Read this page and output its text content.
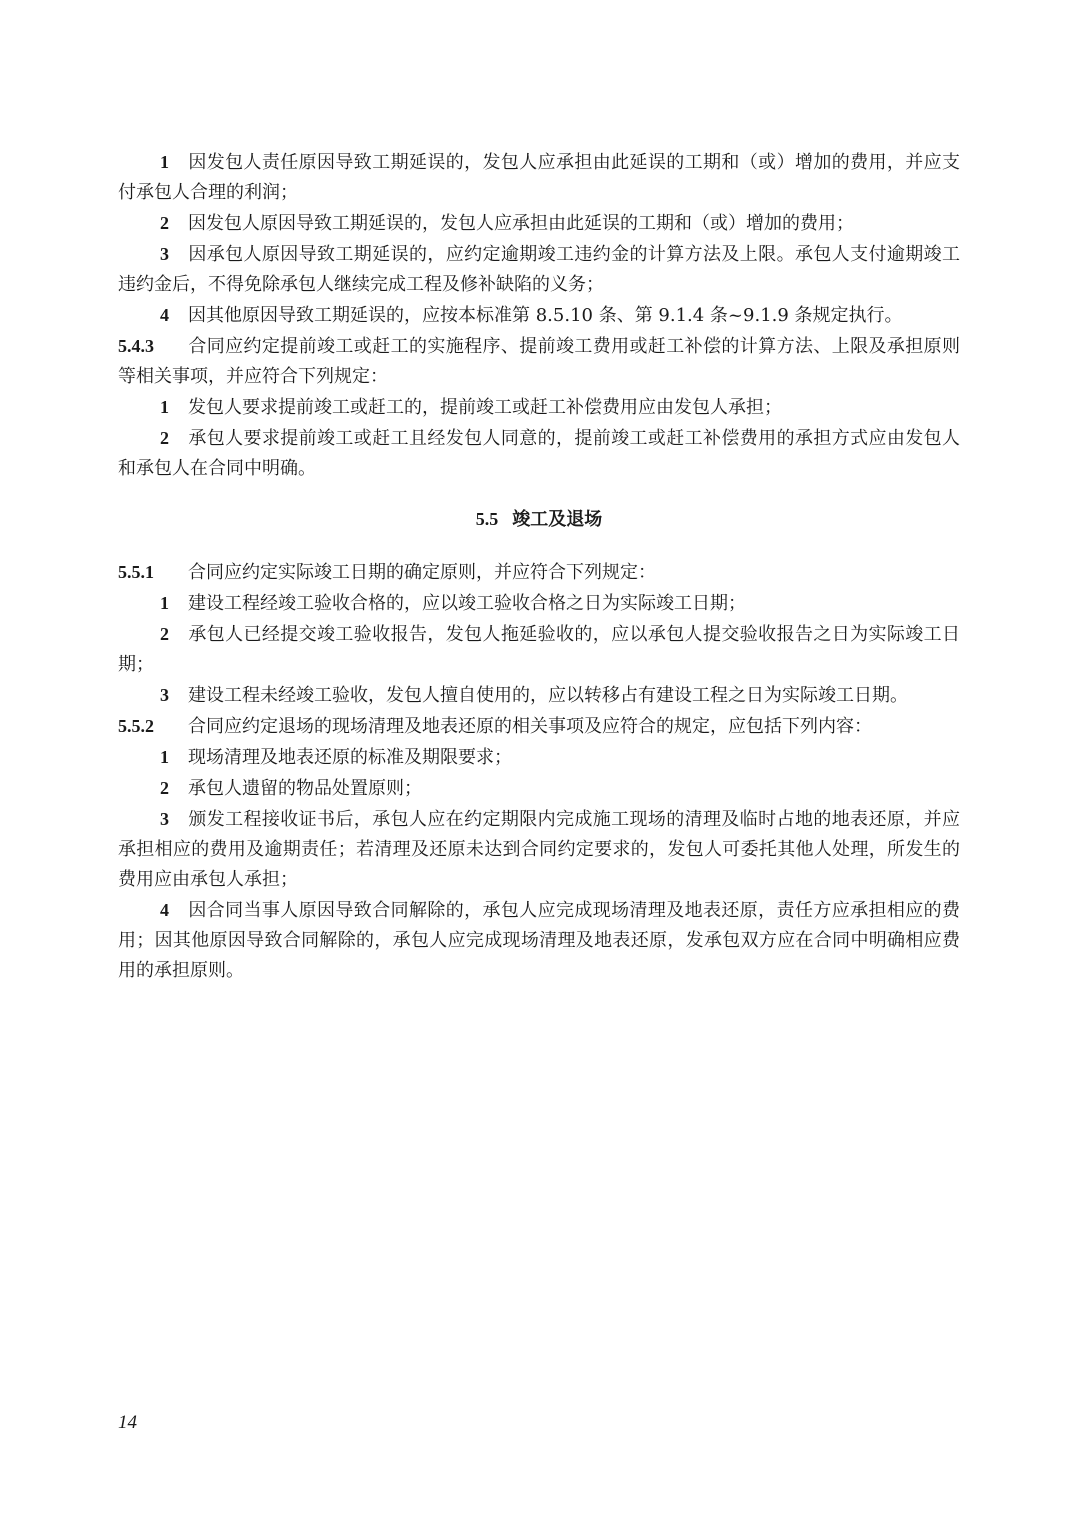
1 因发包人责任原因导致工期延误的，发包人应承担由此延误的工期和（或）增加的费用，并应支付承包人合理的利润；

2 因发包人原因导致工期延误的，发包人应承担由此延误的工期和（或）增加的费用；

3 因承包人原因导致工期延误的，应约定逾期竣工违约金的计算方法及上限。承包人支付逾期竣工违约金后，不得免除承包人继续完成工程及修补缺陷的义务；

4 因其他原因导致工期延误的，应按本标准第 8.5.10 条、第 9.1.4 条~9.1.9 条规定执行。

5.4.3 合同应约定提前竣工或赶工的实施程序、提前竣工费用或赶工补偿的计算方法、上限及承担原则等相关事项，并应符合下列规定：

1 发包人要求提前竣工或赶工的，提前竣工或赶工补偿费用应由发包人承担；

2 承包人要求提前竣工或赶工且经发包人同意的，提前竣工或赶工补偿费用的承担方式应由发包人和承包人在合同中明确。

5.5 竣工及退场

5.5.1 合同应约定实际竣工日期的确定原则，并应符合下列规定：

1 建设工程经竣工验收合格的，应以竣工验收合格之日为实际竣工日期；

2 承包人已经提交竣工验收报告，发包人拖延验收的，应以承包人提交验收报告之日为实际竣工日期；

3 建设工程未经竣工验收，发包人擅自使用的，应以转移占有建设工程之日为实际竣工日期。

5.5.2 合同应约定退场的现场清理及地表还原的相关事项及应符合的规定，应包括下列内容：

1 现场清理及地表还原的标准及期限要求；

2 承包人遗留的物品处置原则；

3 颁发工程接收证书后，承包人应在约定期限内完成施工现场的清理及临时占地的地表还原，并应承担相应的费用及逾期责任；若清理及还原未达到合同约定要求的，发包人可委托其他人处理，所发生的费用应由承包人承担；

4 因合同当事人原因导致合同解除的，承包人应完成现场清理及地表还原，责任方应承担相应的费用；因其他原因导致合同解除的，承包人应完成现场清理及地表还原，发承包双方应在合同中明确相应费用的承担原则。

14
